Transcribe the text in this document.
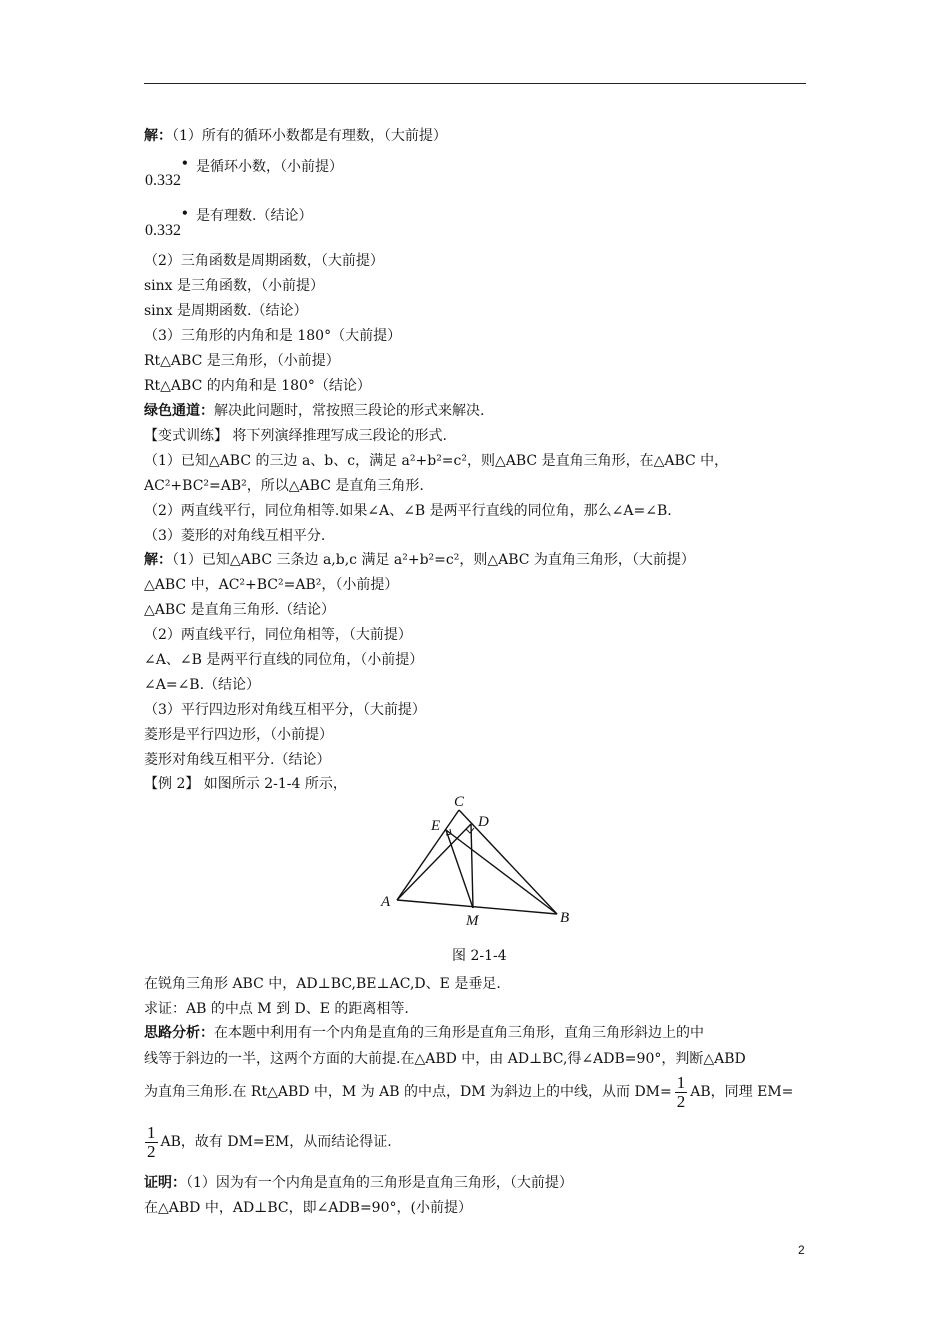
解：（1）所有的循环小数都是有理数，（大前提）
0.332
• 是循环小数，（小前提）
0.332
• 是有理数.（结论）
（2）三角函数是周期函数，（大前提）
sinx 是三角函数，（小前提）
sinx 是周期函数.（结论）
（3）三角形的内角和是 180°（大前提）
Rt△ABC 是三角形，（小前提）
Rt△ABC 的内角和是 180°（结论）
绿色通道：解决此问题时，常按照三段论的形式来解决.
【变式训练】 将下列演绎推理写成三段论的形式.
（1）已知△ABC 的三边 a、b、c，满足 a²+b²=c²，则△ABC 是直角三角形，在△ABC 中，
AC²+BC²=AB²，所以△ABC 是直角三角形.
（2）两直线平行，同位角相等.如果∠A、∠B 是两平行直线的同位角，那么∠A=∠B.
（3）菱形的对角线互相平分.
解：（1）已知△ABC 三条边 a,b,c 满足 a²+b²=c²，则△ABC 为直角三角形，（大前提）
△ABC 中，AC²+BC²=AB²，（小前提）
△ABC 是直角三角形.（结论）
（2）两直线平行，同位角相等，（大前提）
∠A、∠B 是两平行直线的同位角，（小前提）
∠A=∠B.（结论）
（3）平行四边形对角线互相平分，（大前提）
菱形是平行四边形，（小前提）
菱形对角线互相平分.（结论）
【例 2】 如图所示 2-1-4 所示，
C
D
E
A
B
M
图 2-1-4
在锐角三角形 ABC 中，AD⊥BC,BE⊥AC,D、E 是垂足.
求证：AB 的中点 M 到 D、E 的距离相等.
思路分析：在本题中利用有一个内角是直角的三角形是直角三角形，直角三角形斜边上的中
线等于斜边的一半，这两个方面的大前提.在△ABD 中，由 AD⊥BC,得∠ADB=90°，判断△ABD
为直角三角形.在 Rt△ABD 中，M 为 AB 的中点，DM 为斜边上的中线，从而 $DM= \frac{1}{2}$ AB，同理 EM=
$\frac{1}{2}$ AB，故有 DM=EM，从而结论得证.
证明：（1）因为有一个内角是直角的三角形是直角三角形，（大前提）
在△ABD 中，AD⊥BC，即∠ADB=90°，(小前提）
2
